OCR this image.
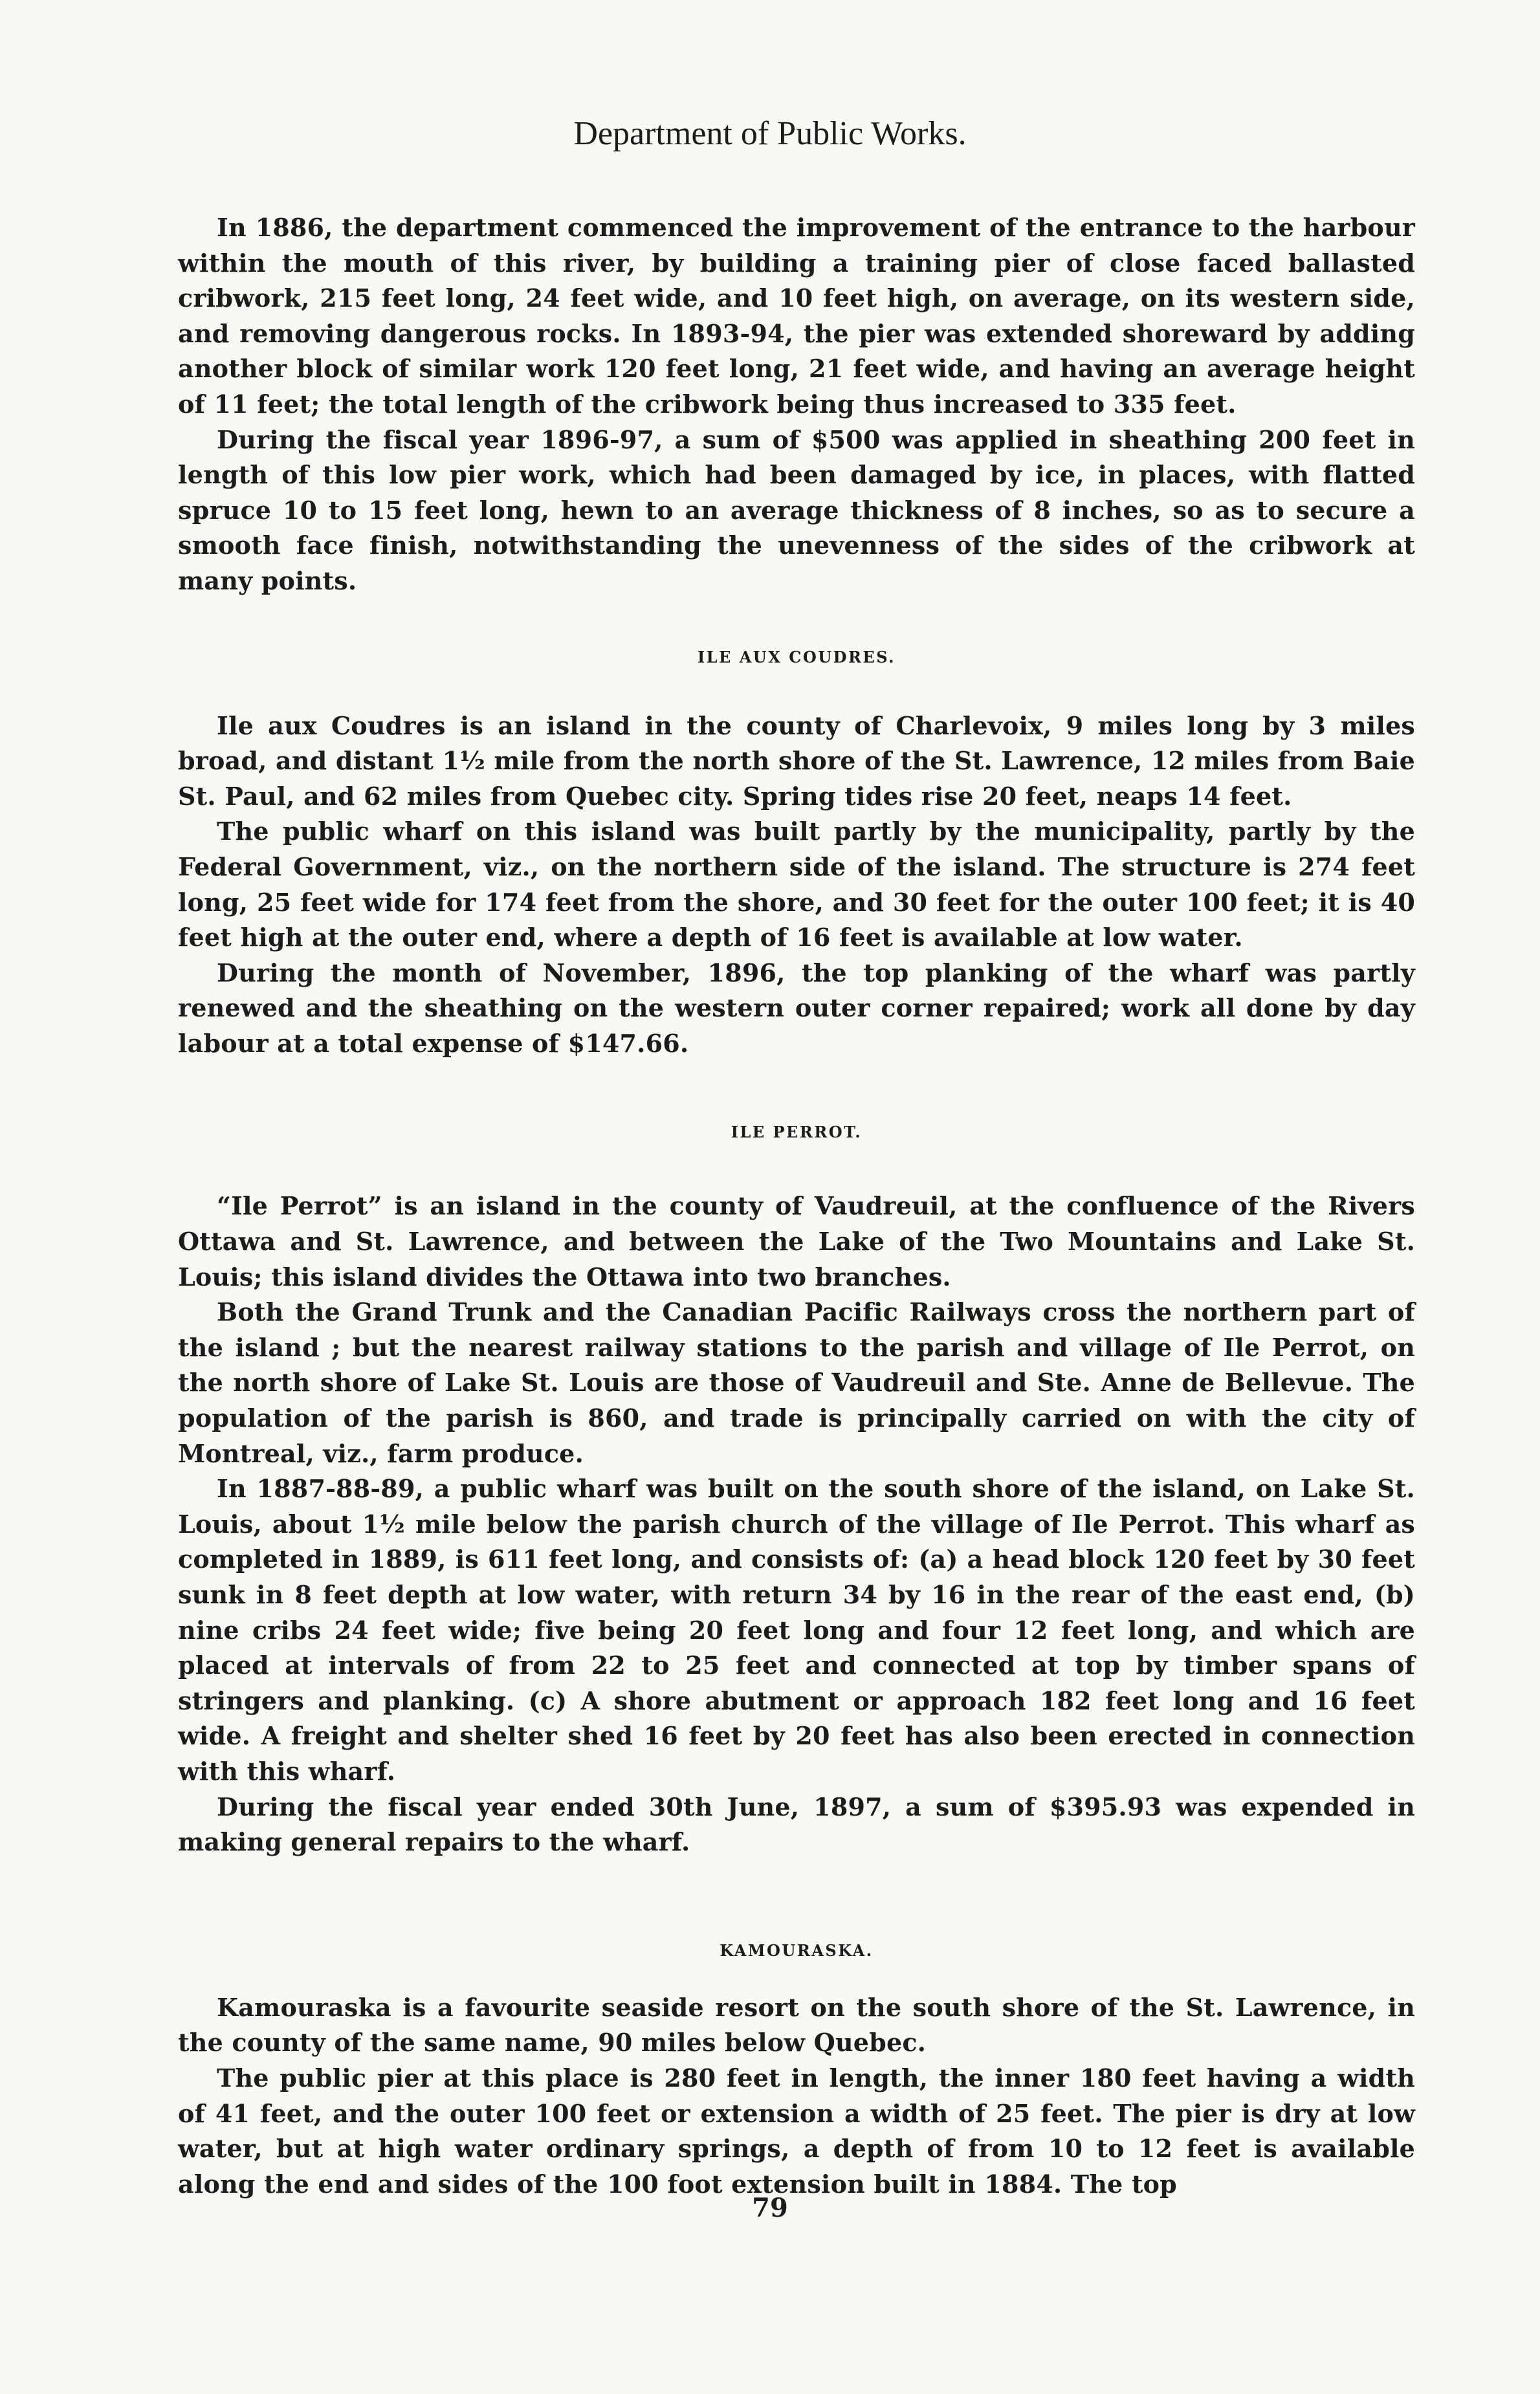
Department of Public Works.

In 1886, the department commenced the improvement of the entrance to the harbour within the mouth of this river, by building a training pier of close faced ballasted cribwork, 215 feet long, 24 feet wide, and 10 feet high, on average, on its western side, and removing dangerous rocks. In 1893-94, the pier was extended shoreward by adding another block of similar work 120 feet long, 21 feet wide, and having an average height of 11 feet; the total length of the cribwork being thus increased to 335 feet.

During the fiscal year 1896-97, a sum of $500 was applied in sheathing 200 feet in length of this low pier work, which had been damaged by ice, in places, with flatted spruce 10 to 15 feet long, hewn to an average thickness of 8 inches, so as to secure a smooth face finish, notwithstanding the unevenness of the sides of the cribwork at many points.

ILE AUX COUDRES.

Ile aux Coudres is an island in the county of Charlevoix, 9 miles long by 3 miles broad, and distant 1½ mile from the north shore of the St. Lawrence, 12 miles from Baie St. Paul, and 62 miles from Quebec city. Spring tides rise 20 feet, neaps 14 feet.

The public wharf on this island was built partly by the municipality, partly by the Federal Government, viz., on the northern side of the island. The structure is 274 feet long, 25 feet wide for 174 feet from the shore, and 30 feet for the outer 100 feet; it is 40 feet high at the outer end, where a depth of 16 feet is available at low water.

During the month of November, 1896, the top planking of the wharf was partly renewed and the sheathing on the western outer corner repaired; work all done by day labour at a total expense of $147.66.

ILE PERROT.

“Ile Perrot” is an island in the county of Vaudreuil, at the confluence of the Rivers Ottawa and St. Lawrence, and between the Lake of the Two Mountains and Lake St. Louis; this island divides the Ottawa into two branches.

Both the Grand Trunk and the Canadian Pacific Railways cross the northern part of the island ; but the nearest railway stations to the parish and village of Ile Perrot, on the north shore of Lake St. Louis are those of Vaudreuil and Ste. Anne de Bellevue. The population of the parish is 860, and trade is principally carried on with the city of Montreal, viz., farm produce.

In 1887-88-89, a public wharf was built on the south shore of the island, on Lake St. Louis, about 1½ mile below the parish church of the village of Ile Perrot. This wharf as completed in 1889, is 611 feet long, and consists of: (a) a head block 120 feet by 30 feet sunk in 8 feet depth at low water, with return 34 by 16 in the rear of the east end, (b) nine cribs 24 feet wide; five being 20 feet long and four 12 feet long, and which are placed at intervals of from 22 to 25 feet and connected at top by timber spans of stringers and planking. (c) A shore abutment or approach 182 feet long and 16 feet wide. A freight and shelter shed 16 feet by 20 feet has also been erected in connection with this wharf.

During the fiscal year ended 30th June, 1897, a sum of $395.93 was expended in making general repairs to the wharf.

KAMOURASKA.

Kamouraska is a favourite seaside resort on the south shore of the St. Lawrence, in the county of the same name, 90 miles below Quebec.

The public pier at this place is 280 feet in length, the inner 180 feet having a width of 41 feet, and the outer 100 feet or extension a width of 25 feet. The pier is dry at low water, but at high water ordinary springs, a depth of from 10 to 12 feet is available along the end and sides of the 100 foot extension built in 1884. The top

79
